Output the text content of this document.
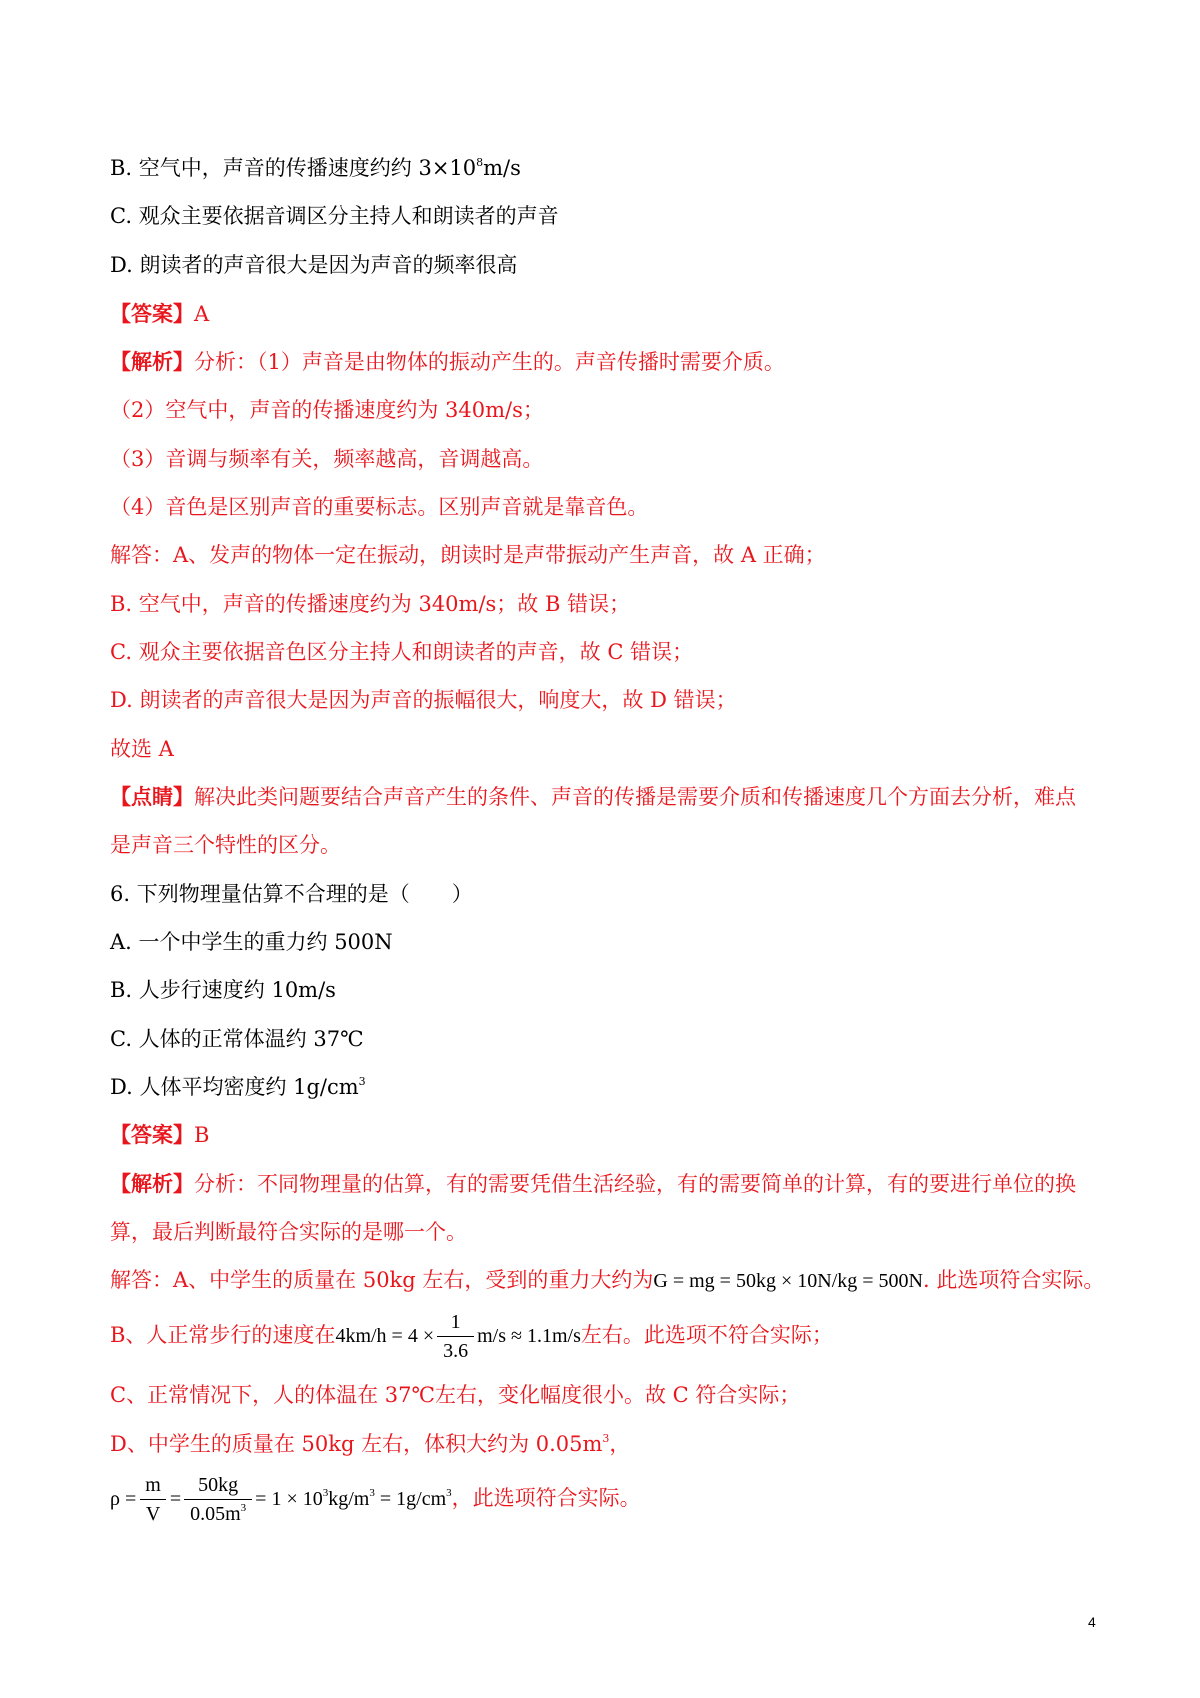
B. 空气中，声音的传播速度约约 $3\times 10^8m/s$
C. 观众主要依据音调区分主持人和朗读者的声音
D. 朗读者的声音很大是因为声音的频率很高
【答案】A
【解析】分析：（1）声音是由物体的振动产生的。声音传播时需要介质。
（2）空气中，声音的传播速度约为 340m/s；
（3）音调与频率有关，频率越高，音调越高。
（4）音色是区别声音的重要标志。区别声音就是靠音色。
解答：A、发声的物体一定在振动，朗读时是声带振动产生声音，故 A 正确；
B. 空气中，声音的传播速度约为 340m/s；故 B 错误；
C. 观众主要依据音色区分主持人和朗读者的声音，故 C 错误；
D. 朗读者的声音很大是因为声音的振幅很大，响度大，故 D 错误；
故选 A
【点睛】解决此类问题要结合声音产生的条件、声音的传播是需要介质和传播速度几个方面去分析，难点
是声音三个特性的区分。
6. 下列物理量估算不合理的是（　　）
A. 一个中学生的重力约 500N
B. 人步行速度约 10m/s
C. 人体的正常体温约 37℃
D. 人体平均密度约 $1g/cm^3$
【答案】B
【解析】分析：不同物理量的估算，有的需要凭借生活经验，有的需要简单的计算，有的要进行单位的换
算，最后判断最符合实际的是哪一个。
解答：A、中学生的质量在 50kg 左右，受到的重力大约为G = mg = 50kg × 10N/kg = 500N. 此选项符合实际。
B、人正常步行的速度在$4km/h = 4 \times \frac{1}{3.6} m/s \approx 1.1m/s$左右。此选项不符合实际；
C、正常情况下，人的体温在 37℃左右，变化幅度很小。故 C 符合实际；
D、中学生的质量在 50kg 左右，体积大约为 $0.05m^3$，
$\rho = \frac{m}{V} = \frac{50kg}{0.05m^3} = 1 \times 10^3kg/m^3 = 1g/cm^3$，此选项符合实际。
4
